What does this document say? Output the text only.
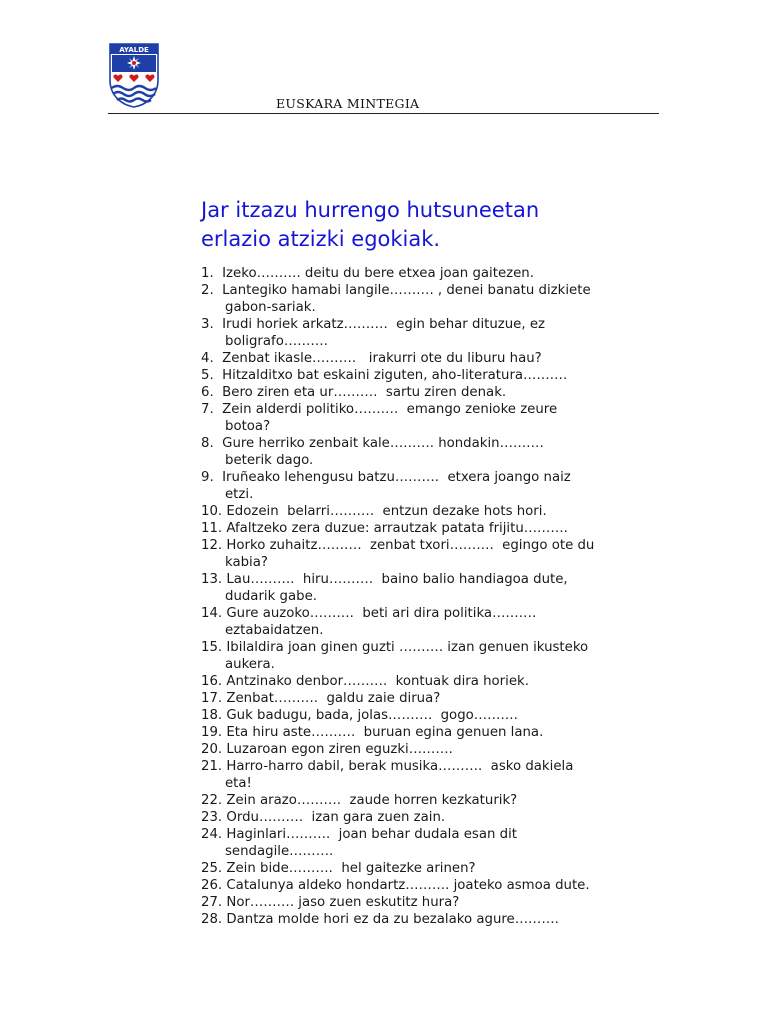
AYALDE
EUSKARA MINTEGIA
Jar itzazu hurrengo hutsuneetan
erlazio atzizki egokiak.
1.  Izeko………. deitu du bere etxea joan gaitezen.
2.  Lantegiko hamabi langile………. , denei banatu dizkiete
gabon-sariak.
3.  Irudi horiek arkatz……….  egin behar dituzue, ez
boligrafo……….
4.  Zenbat ikasle……….   irakurri ote du liburu hau?
5.  Hitzalditxo bat eskaini ziguten, aho-literatura……….
6.  Bero ziren eta ur……….  sartu ziren denak.
7.  Zein alderdi politiko……….  emango zenioke zeure
botoa?
8.  Gure herriko zenbait kale………. hondakin……….
beterik dago.
9.  Iruñeako lehengusu batzu……….  etxera joango naiz
etzi.
10. Edozein  belarri……….  entzun dezake hots hori.
11. Afaltzeko zera duzue: arrautzak patata frijitu……….
12. Horko zuhaitz……….  zenbat txori……….  egingo ote du
kabia?
13. Lau……….  hiru……….  baino balio handiagoa dute,
dudarik gabe.
14. Gure auzoko……….  beti ari dira politika……….
eztabaidatzen.
15. Ibilaldira joan ginen guzti ………. izan genuen ikusteko
aukera.
16. Antzinako denbor……….  kontuak dira horiek.
17. Zenbat……….  galdu zaie dirua?
18. Guk badugu, bada, jolas……….  gogo……….
19. Eta hiru aste……….  buruan egina genuen lana.
20. Luzaroan egon ziren eguzki……….
21. Harro-harro dabil, berak musika……….  asko dakiela
eta!
22. Zein arazo……….  zaude horren kezkaturik?
23. Ordu……….  izan gara zuen zain.
24. Haginlari……….  joan behar dudala esan dit
sendagile……….
25. Zein bide……….  hel gaitezke arinen?
26. Catalunya aldeko hondartz………. joateko asmoa dute.
27. Nor………. jaso zuen eskutitz hura?
28. Dantza molde hori ez da zu bezalako agure……….
